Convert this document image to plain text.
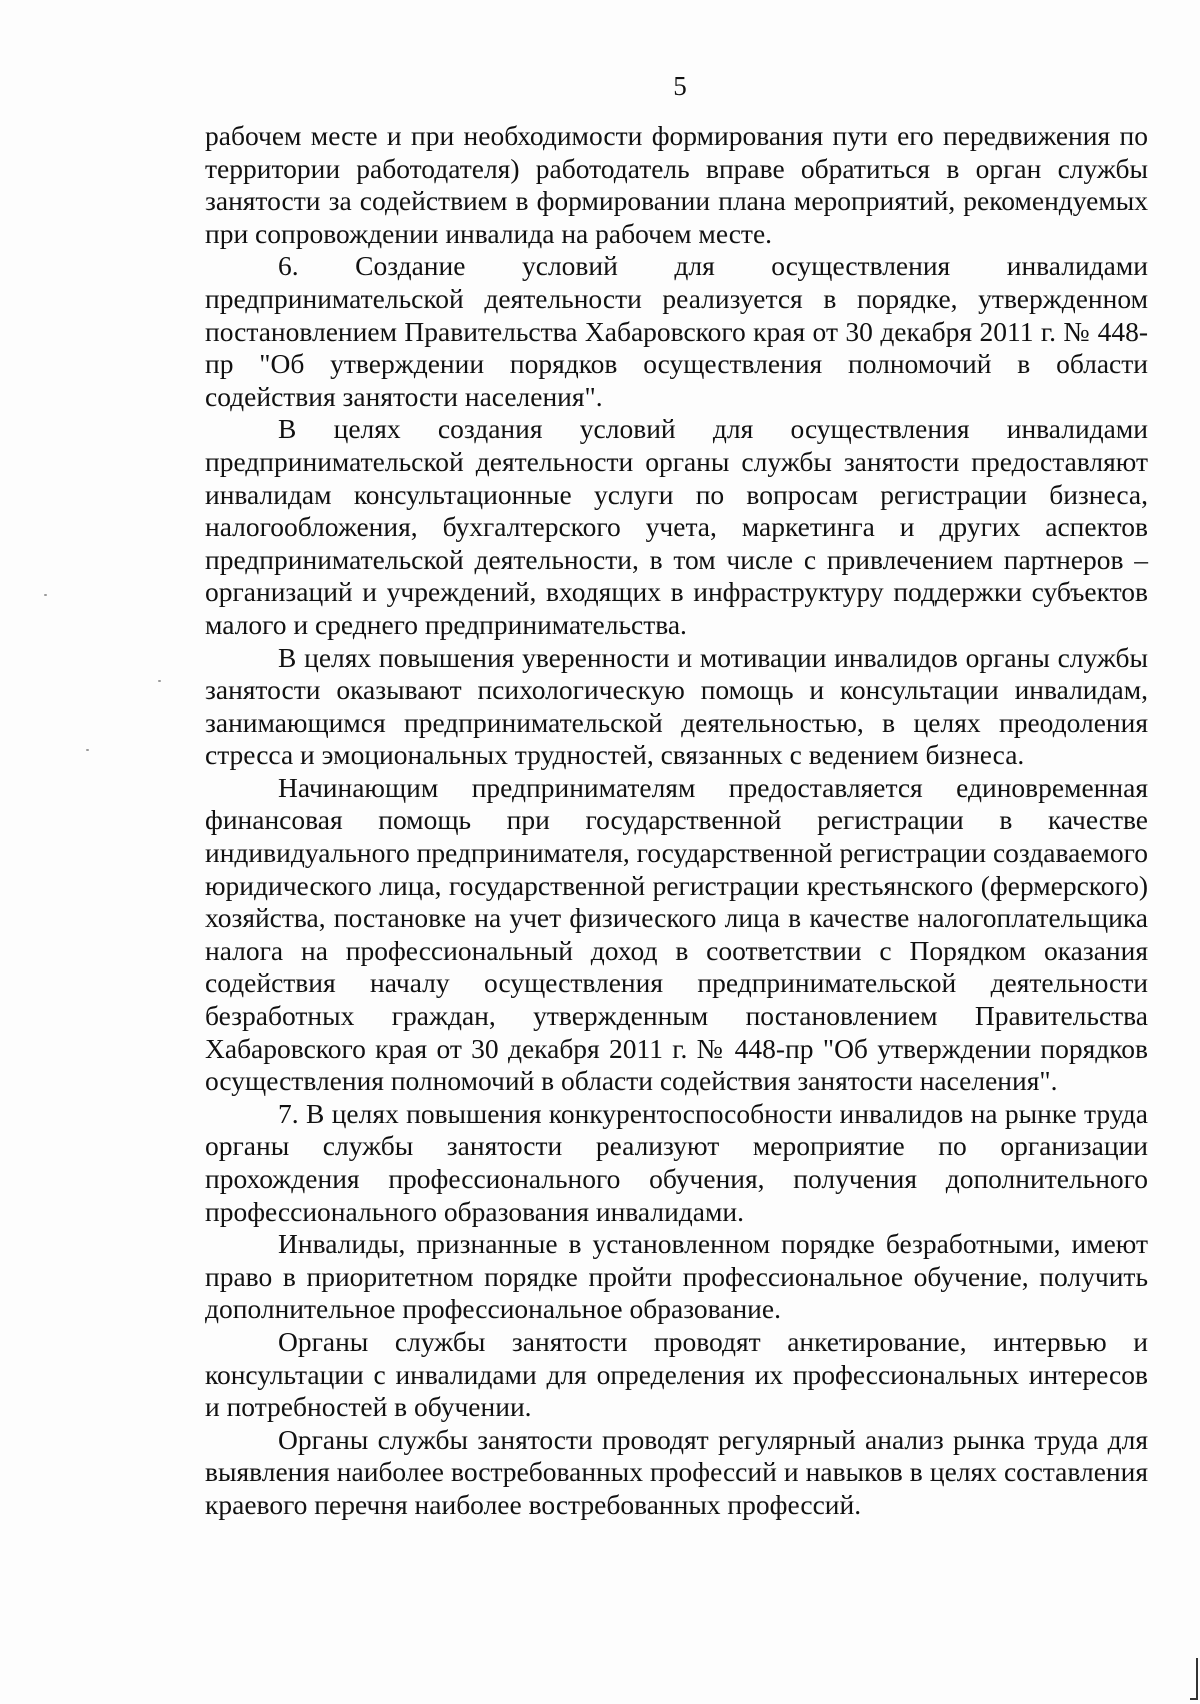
5

рабочем месте и при необходимости формирования пути его передвижения по территории работодателя) работодатель вправе обратиться в орган службы занятости за содействием в формировании плана мероприятий, рекомендуемых при сопровождении инвалида на рабочем месте.

6. Создание условий для осуществления инвалидами предпринимательской деятельности реализуется в порядке, утвержденном постановлением Правительства Хабаровского края от 30 декабря 2011 г. № 448-пр "Об утверждении порядков осуществления полномочий в области содействия занятости населения".

В целях создания условий для осуществления инвалидами предпринимательской деятельности органы службы занятости предоставляют инвалидам консультационные услуги по вопросам регистрации бизнеса, налогообложения, бухгалтерского учета, маркетинга и других аспектов предпринимательской деятельности, в том числе с привлечением партнеров – организаций и учреждений, входящих в инфраструктуру поддержки субъектов малого и среднего предпринимательства.

В целях повышения уверенности и мотивации инвалидов органы службы занятости оказывают психологическую помощь и консультации инвалидам, занимающимся предпринимательской деятельностью, в целях преодоления стресса и эмоциональных трудностей, связанных с ведением бизнеса.

Начинающим предпринимателям предоставляется единовременная финансовая помощь при государственной регистрации в качестве индивидуального предпринимателя, государственной регистрации создаваемого юридического лица, государственной регистрации крестьянского (фермерского) хозяйства, постановке на учет физического лица в качестве налогоплательщика налога на профессиональный доход в соответствии с Порядком оказания содействия началу осуществления предпринимательской деятельности безработных граждан, утвержденным постановлением Правительства Хабаровского края от 30 декабря 2011 г. № 448-пр "Об утверждении порядков осуществления полномочий в области содействия занятости населения".

7. В целях повышения конкурентоспособности инвалидов на рынке труда органы службы занятости реализуют мероприятие по организации прохождения профессионального обучения, получения дополнительного профессионального образования инвалидами.

Инвалиды, признанные в установленном порядке безработными, имеют право в приоритетном порядке пройти профессиональное обучение, получить дополнительное профессиональное образование.

Органы службы занятости проводят анкетирование, интервью и консультации с инвалидами для определения их профессиональных интересов и потребностей в обучении.

Органы службы занятости проводят регулярный анализ рынка труда для выявления наиболее востребованных профессий и навыков в целях составления краевого перечня наиболее востребованных профессий.
